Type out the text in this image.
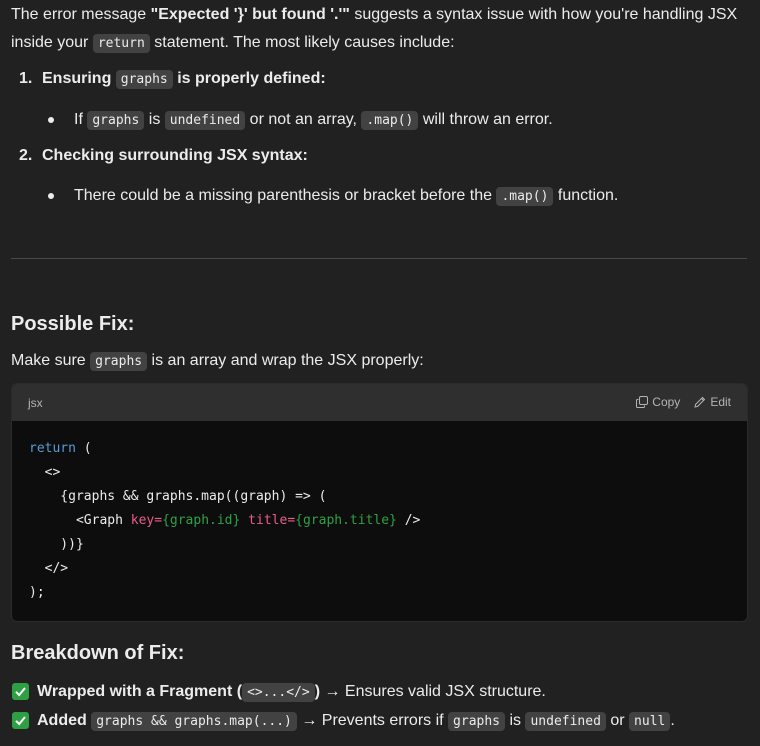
The error message "Expected '}' but found '.'" suggests a syntax issue with how you're handling JSX
inside your return statement. The most likely causes include:
1. Ensuring graphs is properly defined:
If graphs is undefined or not an array, .map() will throw an error.
2. Checking surrounding JSX syntax:
There could be a missing parenthesis or bracket before the .map() function.
Possible Fix:
Make sure graphs is an array and wrap the JSX properly:
jsx	Copy	Edit
return (
<>
{graphs && graphs.map((graph) => (
<Graph key={graph.id} title={graph.title} />
))}
</>
);
Breakdown of Fix:
Wrapped with a Fragment ( <>...</> ) → Ensures valid JSX structure.
Added graphs && graphs.map(...) → Prevents errors if graphs is undefined or null .
